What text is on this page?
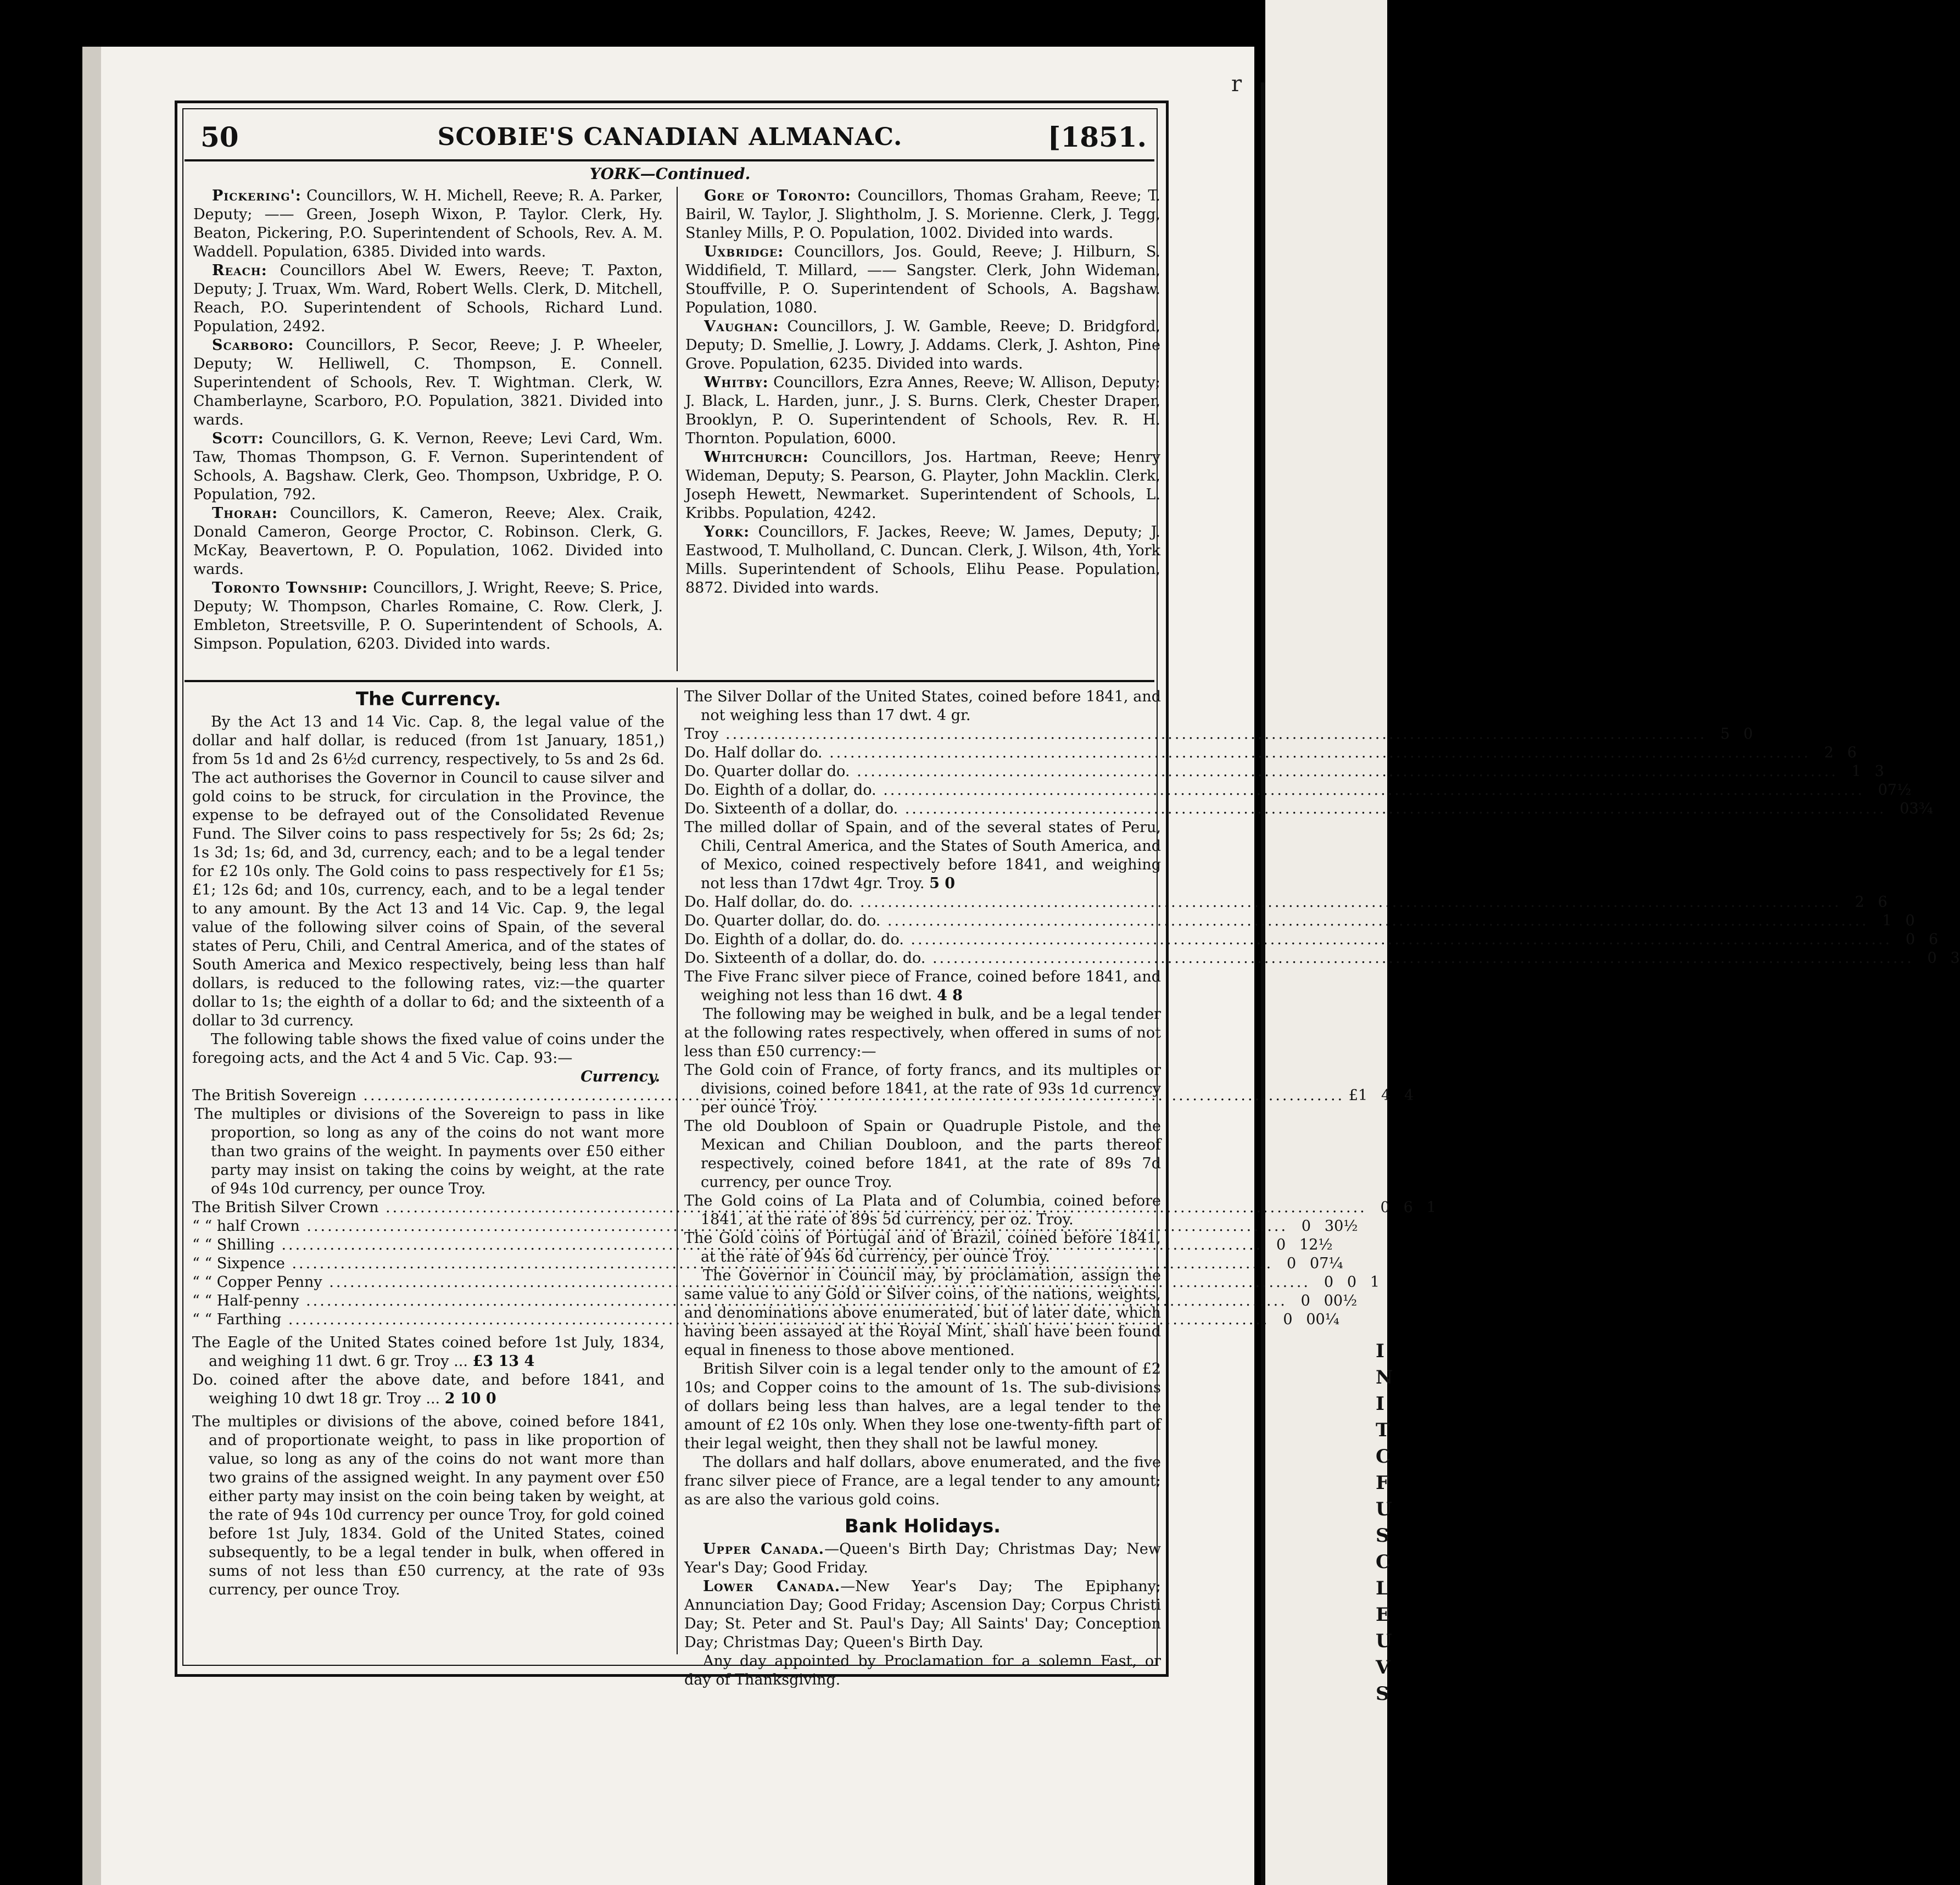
r
I
N
I
T
C
F
U
S
C
L
E
U
V
S
50	SCOBIE'S CANADIAN ALMANAC.	[1851.
YORK—Continued.

Pickering': Councillors, W. H. Michell, Reeve; R. A. Parker, Deputy; —— Green, Joseph Wixon, P. Taylor. Clerk, Hy. Beaton, Pickering, P.O. Superintendent of Schools, Rev. A. M. Waddell. Population, 6385. Divided into wards.

Reach: Councillors Abel W. Ewers, Reeve; T. Paxton, Deputy; J. Truax, Wm. Ward, Robert Wells. Clerk, D. Mitchell, Reach, P.O. Superintendent of Schools, Richard Lund. Population, 2492.

Scarboro: Councillors, P. Secor, Reeve; J. P. Wheeler, Deputy; W. Helliwell, C. Thompson, E. Connell. Superintendent of Schools, Rev. T. Wightman. Clerk, W. Chamberlayne, Scarboro, P.O. Population, 3821. Divided into wards.

Scott: Councillors, G. K. Vernon, Reeve; Levi Card, Wm. Taw, Thomas Thompson, G. F. Vernon. Superintendent of Schools, A. Bagshaw. Clerk, Geo. Thompson, Uxbridge, P. O. Population, 792.

Thorah: Councillors, K. Cameron, Reeve; Alex. Craik, Donald Cameron, George Proctor, C. Robinson. Clerk, G. McKay, Beavertown, P. O. Population, 1062. Divided into wards.

Toronto Township: Councillors, J. Wright, Reeve; S. Price, Deputy; W. Thompson, Charles Romaine, C. Row. Clerk, J. Embleton, Streetsville, P. O. Superintendent of Schools, A. Simpson. Population, 6203. Divided into wards.

Gore of Toronto: Councillors, Thomas Graham, Reeve; T. Bairil, W. Taylor, J. Slightholm, J. S. Morienne. Clerk, J. Tegg, Stanley Mills, P. O. Population, 1002. Divided into wards.

Uxbridge: Councillors, Jos. Gould, Reeve; J. Hilburn, S. Widdifield, T. Millard, —— Sangster. Clerk, John Wideman, Stouffville, P. O. Superintendent of Schools, A. Bagshaw. Population, 1080.

Vaughan: Councillors, J. W. Gamble, Reeve; D. Bridgford, Deputy; D. Smellie, J. Lowry, J. Addams. Clerk, J. Ashton, Pine Grove. Population, 6235. Divided into wards.

Whitby: Councillors, Ezra Annes, Reeve; W. Allison, Deputy; J. Black, L. Harden, junr., J. S. Burns. Clerk, Chester Draper, Brooklyn, P. O. Superintendent of Schools, Rev. R. H. Thornton. Population, 6000.

Whitchurch: Councillors, Jos. Hartman, Reeve; Henry Wideman, Deputy; S. Pearson, G. Playter, John Macklin. Clerk, Joseph Hewett, Newmarket. Superintendent of Schools, L. Kribbs. Population, 4242.

York: Councillors, F. Jackes, Reeve; W. James, Deputy; J. Eastwood, T. Mulholland, C. Duncan. Clerk, J. Wilson, 4th, York Mills. Superintendent of Schools, Elihu Pease. Population, 8872. Divided into wards.

The Currency.

By the Act 13 and 14 Vic. Cap. 8, the legal value of the dollar and half dollar, is reduced (from 1st January, 1851,) from 5s 1d and 2s 6½d currency, respectively, to 5s and 2s 6d. The act authorises the Governor in Council to cause silver and gold coins to be struck, for circulation in the Province, the expense to be defrayed out of the Consolidated Revenue Fund. The Silver coins to pass respectively for 5s; 2s 6d; 2s; 1s 3d; 1s; 6d, and 3d, currency, each; and to be a legal tender for £2 10s only. The Gold coins to pass respectively for £1 5s; £1; 12s 6d; and 10s, currency, each, and to be a legal tender to any amount. By the Act 13 and 14 Vic. Cap. 9, the legal value of the following silver coins of Spain, of the several states of Peru, Chili, and Central America, and of the states of South America and Mexico respectively, being less than half dollars, is reduced to the following rates, viz:—the quarter dollar to 1s; the eighth of a dollar to 6d; and the sixteenth of a dollar to 3d currency.

The following table shows the fixed value of coins under the foregoing acts, and the Act 4 and 5 Vic. Cap. 93:—

Currency.
The British Sovereign .....	£1 4 4

The multiples or divisions of the Sovereign to pass in like proportion, so long as any of the coins do not want more than two grains of the weight. In payments over £50 either party may insist on taking the coins by weight, at the rate of 94s 10d currency, per ounce Troy.

The British Silver Crown .....	0 6 1
“ “ half Crown .....	0 3 0½
“ “ Shilling .....	0 1 2½
“ “ Sixpence .....	0 0 7¼
“ “ Copper Penny .....	0 0 1
“ “ Half-penny .....	0 0 0½
“ “ Farthing .....	0 0 0¼

The Eagle of the United States coined before 1st July, 1834, and weighing 11 dwt. 6 gr. Troy ... £3 13 4

Do. coined after the above date, and before 1841, and weighing 10 dwt 18 gr. Troy ... 2 10 0

The multiples or divisions of the above, coined before 1841, and of proportionate weight, to pass in like proportion of value, so long as any of the coins do not want more than two grains of the assigned weight. In any payment over £50 either party may insist on the coin being taken by weight, at the rate of 94s 10d currency per ounce Troy, for gold coined before 1st July, 1834. Gold of the United States, coined subsequently, to be a legal tender in bulk, when offered in sums of not less than £50 currency, at the rate of 93s currency, per ounce Troy.

The Silver Dollar of the United States, coined before 1841, and not weighing less than 17 dwt. 4 gr.

Troy .....	5 0
Do. Half dollar do. .....	2 6
Do. Quarter dollar do. .....	1 3
Do. Eighth of a dollar, do. .....	0 7½
Do. Sixteenth of a dollar, do. .....	0 3¾

The milled dollar of Spain, and of the several states of Peru, Chili, Central America, and the States of South America, and of Mexico, coined respectively before 1841, and weighing not less than 17dwt 4gr. Troy. 5 0

Do. Half dollar, do. do. .....	2 6
Do. Quarter dollar, do. do. .....	1 0
Do. Eighth of a dollar, do. do. .....	0 6
Do. Sixteenth of a dollar, do. do. .....	0 3

The Five Franc silver piece of France, coined before 1841, and weighing not less than 16 dwt. 4 8

The following may be weighed in bulk, and be a legal tender at the following rates respectively, when offered in sums of not less than £50 currency:—

The Gold coin of France, of forty francs, and its multiples or divisions, coined before 1841, at the rate of 93s 1d currency per ounce Troy.

The old Doubloon of Spain or Quadruple Pistole, and the Mexican and Chilian Doubloon, and the parts thereof respectively, coined before 1841, at the rate of 89s 7d currency, per ounce Troy.

The Gold coins of La Plata and of Columbia, coined before 1841, at the rate of 89s 5d currency, per oz. Troy.

The Gold coins of Portugal and of Brazil, coined before 1841, at the rate of 94s 6d currency, per ounce Troy.

The Governor in Council may, by proclamation, assign the same value to any Gold or Silver coins, of the nations, weights, and denominations above enumerated, but of later date, which having been assayed at the Royal Mint, shall have been found equal in fineness to those above mentioned.

British Silver coin is a legal tender only to the amount of £2 10s; and Copper coins to the amount of 1s. The sub-divisions of dollars being less than halves, are a legal tender to the amount of £2 10s only. When they lose one-twenty-fifth part of their legal weight, then they shall not be lawful money.

The dollars and half dollars, above enumerated, and the five franc silver piece of France, are a legal tender to any amount; as are also the various gold coins.

Bank Holidays.

Upper Canada.—Queen's Birth Day; Christmas Day; New Year's Day; Good Friday.

Lower Canada.—New Year's Day; The Epiphany; Annunciation Day; Good Friday; Ascension Day; Corpus Christi Day; St. Peter and St. Paul's Day; All Saints' Day; Conception Day; Christmas Day; Queen's Birth Day.

Any day appointed by Proclamation for a solemn Fast, or day of Thanksgiving.
